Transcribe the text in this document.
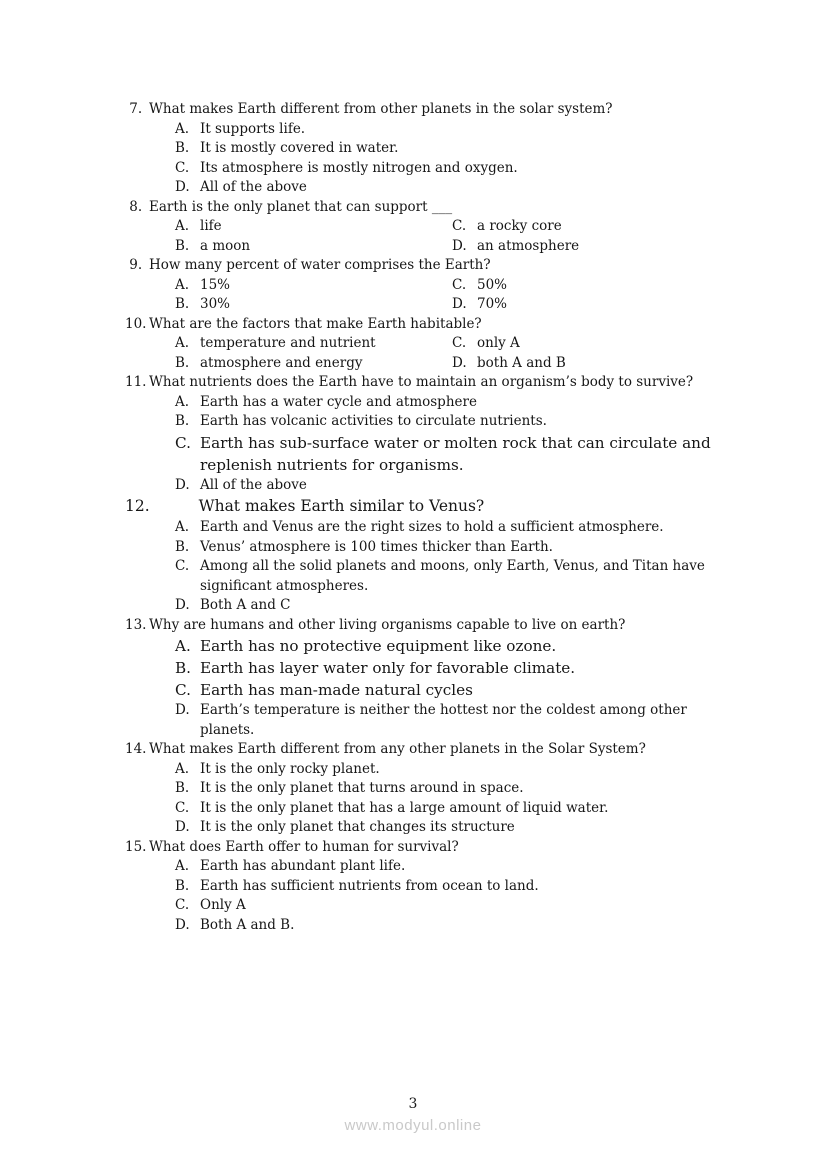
7. What makes Earth different from other planets in the solar system?
A. It supports life.
B. It is mostly covered in water.
C. Its atmosphere is mostly nitrogen and oxygen.
D. All of the above
8. Earth is the only planet that can support ___
A. life	C. a rocky core
B. a moon	D. an atmosphere
9. How many percent of water comprises the Earth?
A. 15%	C. 50%
B. 30%	D. 70%
10. What are the factors that make Earth habitable?
A. temperature and nutrient	C. only A
B. atmosphere and energy	D. both A and B
11. What nutrients does the Earth have to maintain an organism’s body to survive?
A. Earth has a water cycle and atmosphere
B. Earth has volcanic activities to circulate nutrients.
C. Earth has sub-surface water or molten rock that can circulate and replenish nutrients for organisms.
D. All of the above
12.	What makes Earth similar to Venus?
A. Earth and Venus are the right sizes to hold a sufficient atmosphere.
B. Venus’ atmosphere is 100 times thicker than Earth.
C. Among all the solid planets and moons, only Earth, Venus, and Titan have significant atmospheres.
D. Both A and C
13. Why are humans and other living organisms capable to live on earth?
A. Earth has no protective equipment like ozone.
B. Earth has layer water only for favorable climate.
C. Earth has man-made natural cycles
D. Earth’s temperature is neither the hottest nor the coldest among other planets.
14. What makes Earth different from any other planets in the Solar System?
A. It is the only rocky planet.
B. It is the only planet that turns around in space.
C. It is the only planet that has a large amount of liquid water.
D. It is the only planet that changes its structure
15. What does Earth offer to human for survival?
A. Earth has abundant plant life.
B. Earth has sufficient nutrients from ocean to land.
C. Only A
D. Both A and B.
3
www.modyul.online
